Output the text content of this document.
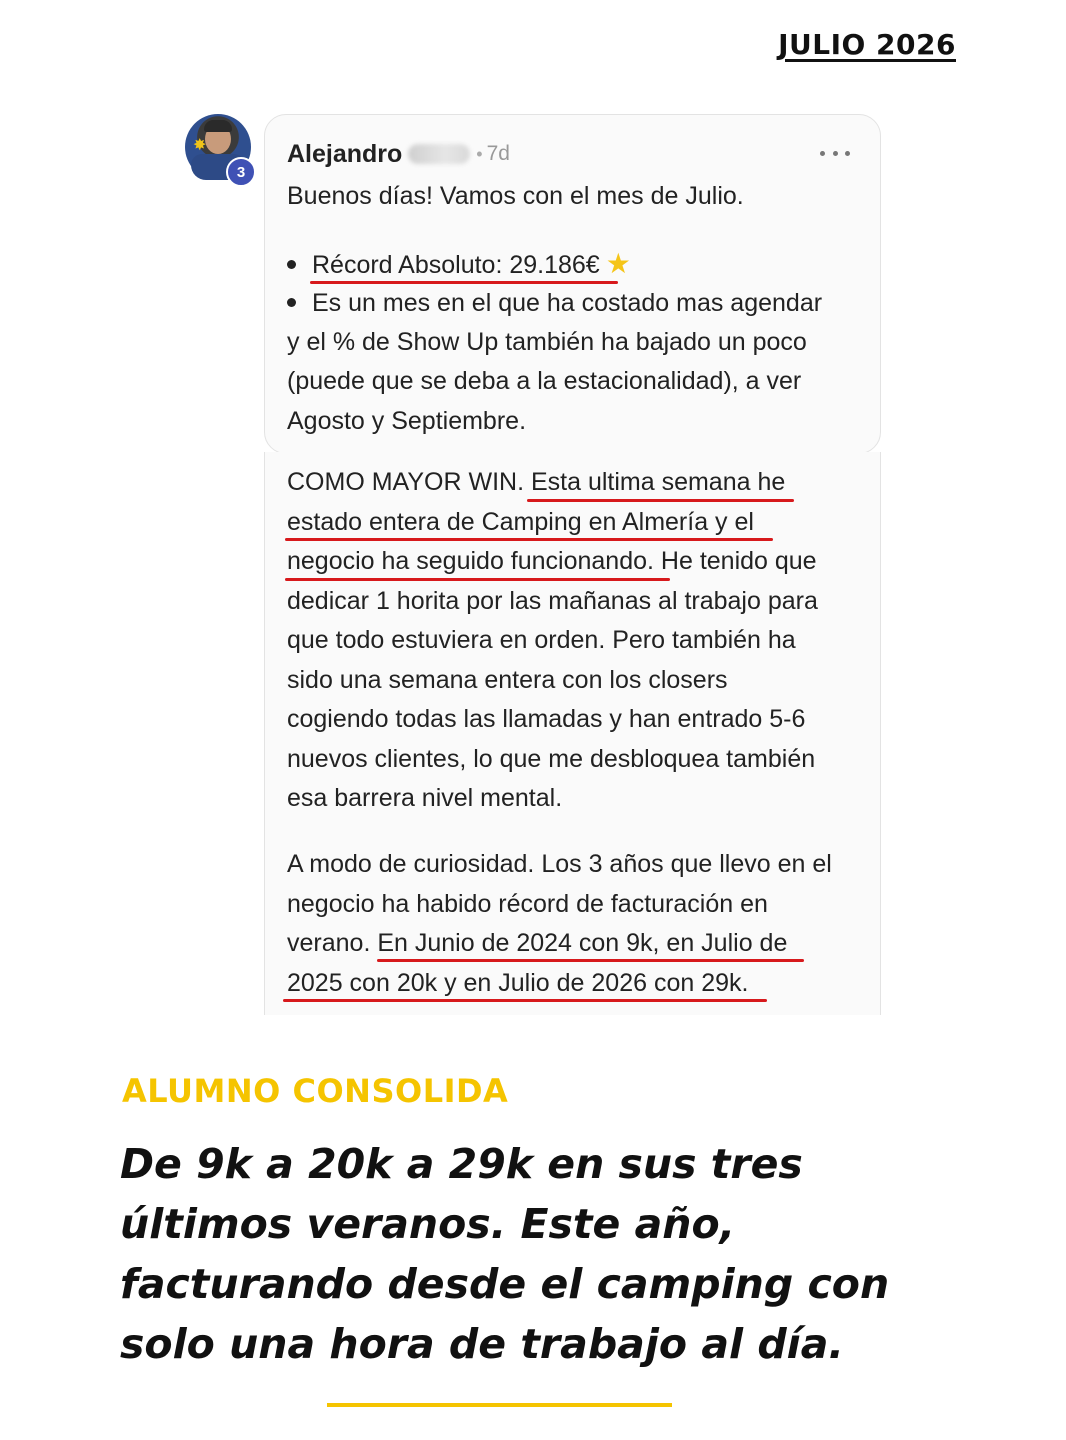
JULIO 2026
✸
3
Alejandro	• 7d
Buenos días! Vamos con el mes de Julio.
Récord Absoluto: 29.186€ ★
Es un mes en el que ha costado mas agendar
y el % de Show Up también ha bajado un poco
(puede que se deba a la estacionalidad), a ver
Agosto y Septiembre.
COMO MAYOR WIN. Esta ultima semana he
estado entera de Camping en Almería y el
negocio ha seguido funcionando. He tenido que
dedicar 1 horita por las mañanas al trabajo para
que todo estuviera en orden. Pero también ha
sido una semana entera con los closers
cogiendo todas las llamadas y han entrado 5-6
nuevos clientes, lo que me desbloquea también
esa barrera nivel mental.
A modo de curiosidad. Los 3 años que llevo en el
negocio ha habido récord de facturación en
verano. En Junio de 2024 con 9k, en Julio de
2025 con 20k y en Julio de 2026 con 29k.
ALUMNO CONSOLIDA
De 9k a 20k a 29k en sus tres
últimos veranos. Este año,
facturando desde el camping con
solo una hora de trabajo al día.
